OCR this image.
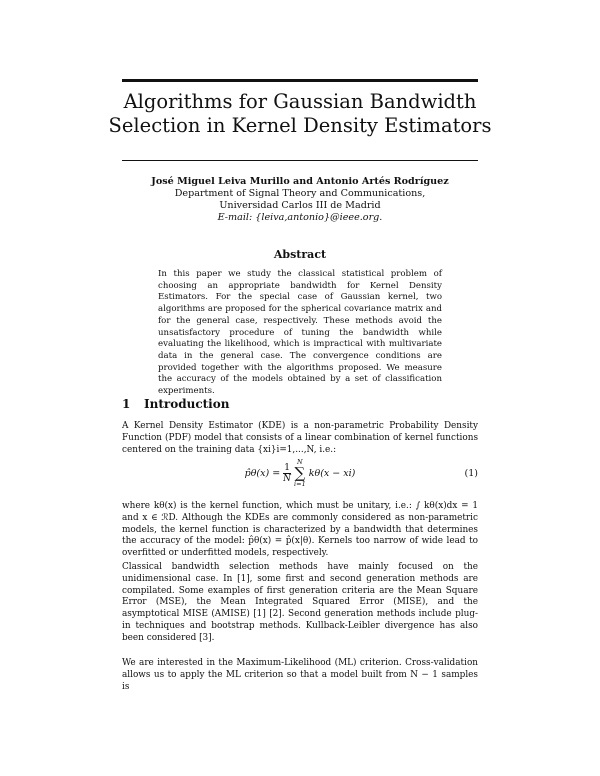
Algorithms for Gaussian Bandwidth
Selection in Kernel Density Estimators
José Miguel Leiva Murillo and Antonio Artés Rodríguez
Department of Signal Theory and Communications,
Universidad Carlos III de Madrid
E-mail: {leiva,antonio}@ieee.org.
Abstract
In this paper we study the classical statistical problem of choosing an appropriate bandwidth for Kernel Density Estimators. For the special case of Gaussian kernel, two algorithms are proposed for the spherical covariance matrix and for the general case, respectively. These methods avoid the unsatisfactory procedure of tuning the bandwidth while evaluating the likelihood, which is impractical with multivariate data in the general case. The convergence conditions are provided together with the algorithms proposed. We measure the accuracy of the models obtained by a set of classification experiments.
1 Introduction
A Kernel Density Estimator (KDE) is a non-parametric Probability Density Function (PDF) model that consists of a linear combination of kernel functions centered on the training data {xi}i=1,...,N, i.e.:
p̂θ(x) = $\frac{1}{N}$
N
∑
i=1
kθ(x − xi)	(1)
where kθ(x) is the kernel function, which must be unitary, i.e.: ∫ kθ(x)dx = 1 and x ∈ ℛD. Although the KDEs are commonly considered as non-parametric models, the kernel function is characterized by a bandwidth that determines the accuracy of the model: p̂θ(x) = p̂(x|θ). Kernels too narrow of wide lead to overfitted or underfitted models, respectively.
Classical bandwidth selection methods have mainly focused on the unidimensional case. In [1], some first and second generation methods are compilated. Some examples of first generation criteria are the Mean Square Error (MSE), the Mean Integrated Squared Error (MISE), and the asymptotical MISE (AMISE) [1] [2]. Second generation methods include plug-in techniques and bootstrap methods. Kullback-Leibler divergence has also been considered [3].
We are interested in the Maximum-Likelihood (ML) criterion. Cross-validation allows us to apply the ML criterion so that a model built from N − 1 samples is
